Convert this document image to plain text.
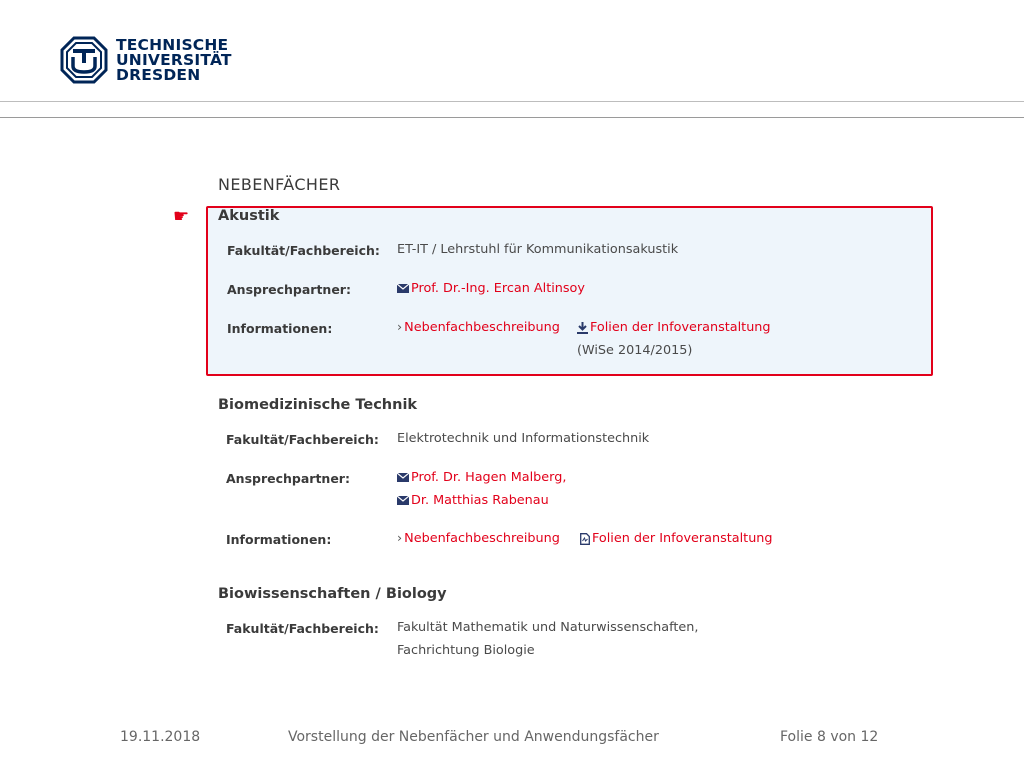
TECHNISCHE
UNIVERSITÄT
DRESDEN
NEBENFÄCHER
☛ Akustik
Fakultät/Fachbereich: ET-IT / Lehrstuhl für Kommunikationsakustik
Ansprechpartner:	Prof. Dr.-Ing. Ercan Altinsoy
Informationen:	› Nebenfachbeschreibung	Folien der Infoveranstaltung
(WiSe 2014/2015)
Biomedizinische Technik
Fakultät/Fachbereich: Elektrotechnik und Informationstechnik
Ansprechpartner:	Prof. Dr. Hagen Malberg,
Dr. Matthias Rabenau
Informationen:	› Nebenfachbeschreibung	Folien der Infoveranstaltung
Biowissenschaften / Biology
Fakultät/Fachbereich: Fakultät Mathematik und Naturwissenschaften,
Fachrichtung Biologie
19.11.2018	Vorstellung der Nebenfächer und Anwendungsfächer	Folie 8 von 12
